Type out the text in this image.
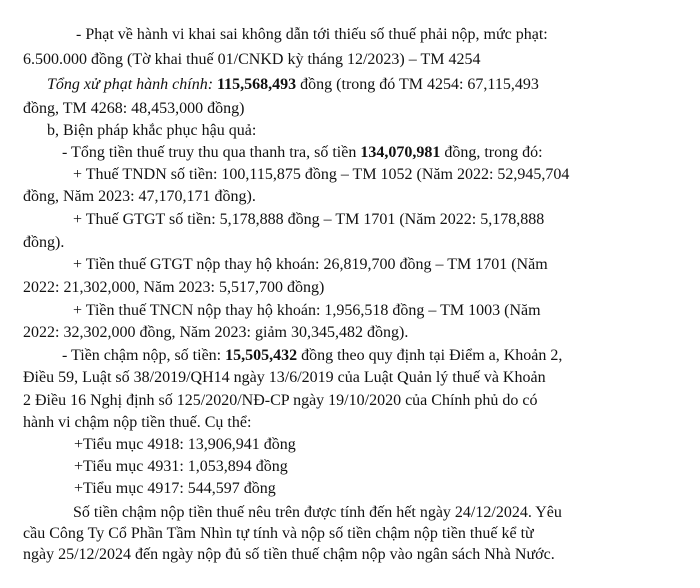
- Phạt về hành vi khai sai không dẫn tới thiếu số thuế phải nộp, mức phạt:

6.500.000 đồng (Tờ khai thuế 01/CNKD kỳ tháng 12/2023) – TM 4254

Tổng xử phạt hành chính: 115,568,493 đồng (trong đó TM 4254: 67,115,493

đồng, TM 4268: 48,453,000 đồng)

b, Biện pháp khắc phục hậu quả:

- Tổng tiền thuế truy thu qua thanh tra, số tiền 134,070,981 đồng, trong đó:

+ Thuế TNDN số tiền: 100,115,875 đồng – TM 1052 (Năm 2022: 52,945,704

đồng, Năm 2023: 47,170,171 đồng).

+ Thuế GTGT số tiền: 5,178,888 đồng – TM 1701 (Năm 2022: 5,178,888

đồng).

+ Tiền thuế GTGT nộp thay hộ khoán: 26,819,700 đồng – TM 1701 (Năm

2022: 21,302,000, Năm 2023: 5,517,700 đồng)

+ Tiền thuế TNCN nộp thay hộ khoán: 1,956,518 đồng – TM 1003 (Năm

2022: 32,302,000 đồng, Năm 2023: giảm 30,345,482 đồng).

- Tiền chậm nộp, số tiền: 15,505,432 đồng theo quy định tại Điểm a, Khoản 2,

Điều 59, Luật số 38/2019/QH14 ngày 13/6/2019 của Luật Quản lý thuế và Khoản

2 Điều 16 Nghị định số 125/2020/NĐ-CP ngày 19/10/2020 của Chính phủ do có

hành vi chậm nộp tiền thuế. Cụ thể:

+Tiểu mục 4918: 13,906,941 đồng

+Tiểu mục 4931: 1,053,894 đồng

+Tiểu mục 4917: 544,597 đồng

Số tiền chậm nộp tiền thuế nêu trên được tính đến hết ngày 24/12/2024. Yêu

cầu Công Ty Cổ Phần Tầm Nhìn tự tính và nộp số tiền chậm nộp tiền thuế kể từ

ngày 25/12/2024 đến ngày nộp đủ số tiền thuế chậm nộp vào ngân sách Nhà Nước.
